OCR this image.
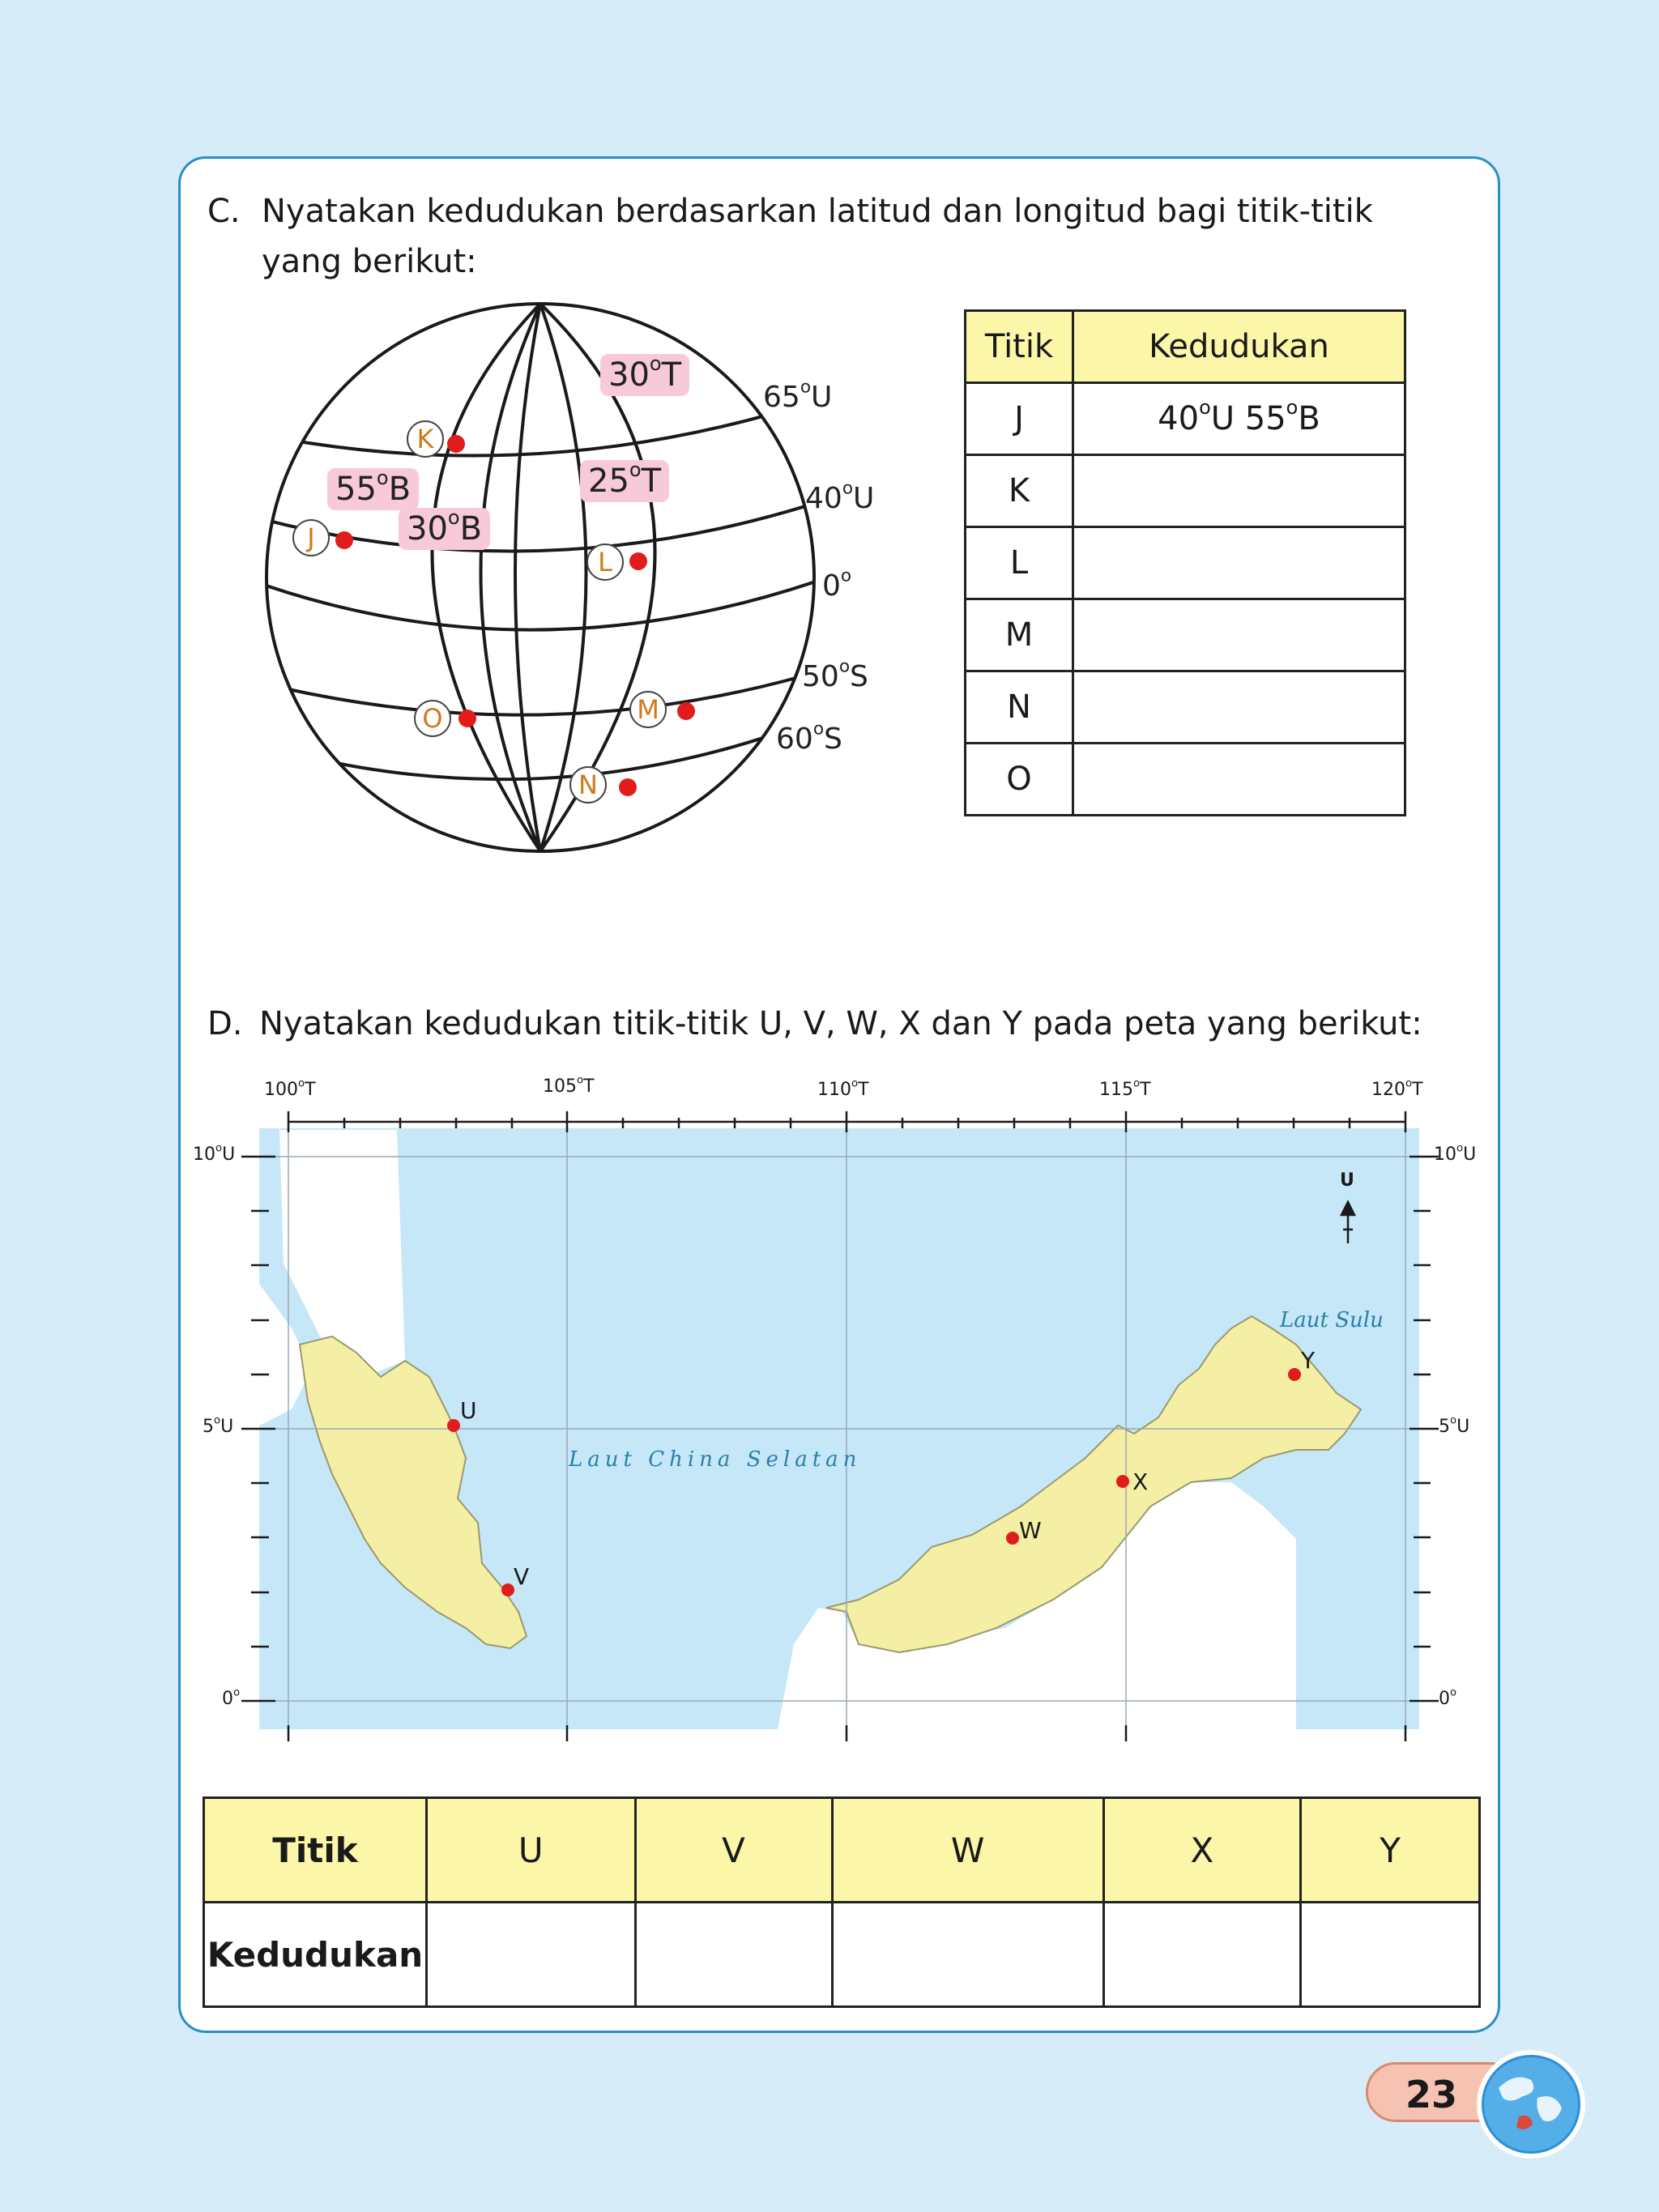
C. Nyatakan kedudukan berdasarkan latitud dan longitud bagi titik-titik
yang berikut:
30$^o$T
55$^o$B
30$^o$B
25$^o$T
J
K
L
M
N
O
65$^o$U
40$^o$U
0$^o$
50$^o$S
60$^o$S
Titik	Kedudukan
J	40$^o$U 55$^o$B
K	
L	
M	
N	
O	
D. Nyatakan kedudukan titik-titik U, V, W, X dan Y pada peta yang berikut:
100$^o$T	105$^o$T	110$^o$T	115$^o$T	120$^o$T
10$^o$U
5$^o$U
0$^o$
10$^o$U
5$^o$U
0$^o$
U
Laut China Selatan
Laut Sulu
U
V
W
X
Y
Titik	U	V	W	X	Y
Kedudukan					
23
